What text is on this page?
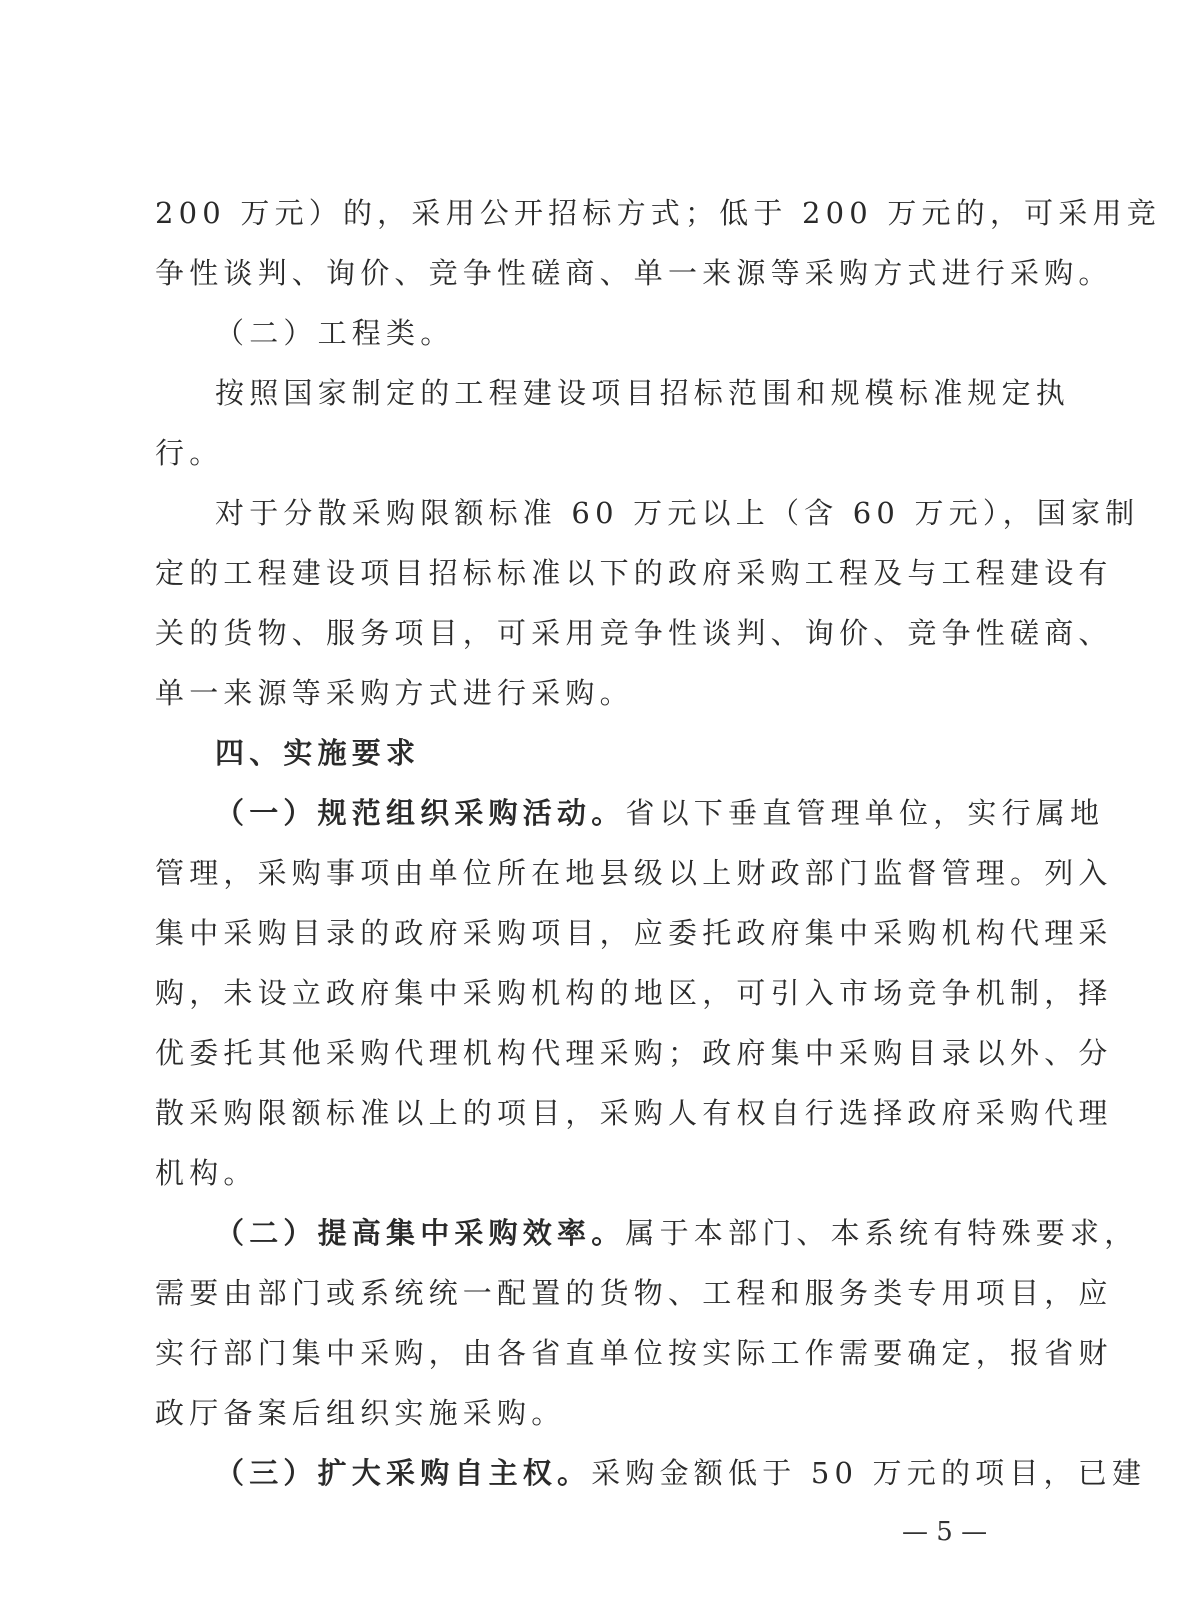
200 万元）的，采用公开招标方式；低于 200 万元的，可采用竞
争性谈判、询价、竞争性磋商、单一来源等采购方式进行采购。
（二）工程类。
按照国家制定的工程建设项目招标范围和规模标准规定执
行。
对于分散采购限额标准 60 万元以上（含 60 万元），国家制
定的工程建设项目招标标准以下的政府采购工程及与工程建设有
关的货物、服务项目，可采用竞争性谈判、询价、竞争性磋商、
单一来源等采购方式进行采购。
四、实施要求
（一）规范组织采购活动。省以下垂直管理单位，实行属地
管理，采购事项由单位所在地县级以上财政部门监督管理。列入
集中采购目录的政府采购项目，应委托政府集中采购机构代理采
购，未设立政府集中采购机构的地区，可引入市场竞争机制，择
优委托其他采购代理机构代理采购；政府集中采购目录以外、分
散采购限额标准以上的项目，采购人有权自行选择政府采购代理
机构。
（二）提高集中采购效率。属于本部门、本系统有特殊要求，
需要由部门或系统统一配置的货物、工程和服务类专用项目，应
实行部门集中采购，由各省直单位按实际工作需要确定，报省财
政厅备案后组织实施采购。
（三）扩大采购自主权。采购金额低于 50 万元的项目，已建
— 5 —
